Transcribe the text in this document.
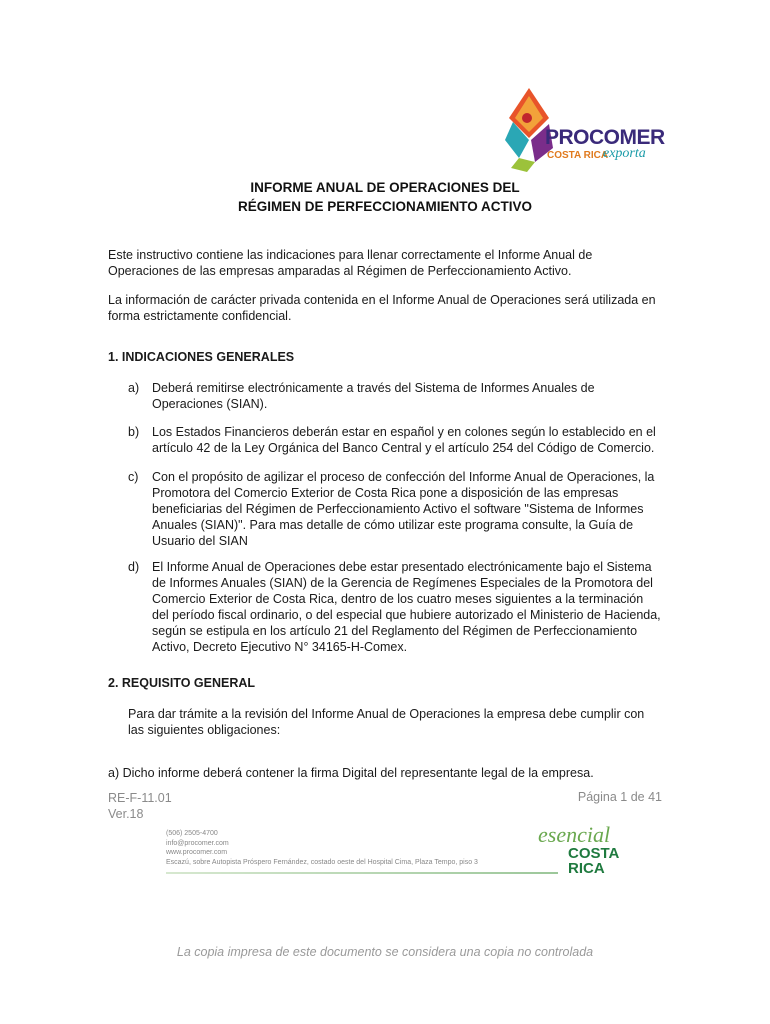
PROCOMER
COSTA RICA
exporta
INFORME ANUAL DE OPERACIONES DEL
RÉGIMEN DE PERFECCIONAMIENTO ACTIVO

Este instructivo contiene las indicaciones para llenar correctamente el Informe Anual de
Operaciones de las empresas amparadas al Régimen de Perfeccionamiento Activo.

La información de carácter privada contenida en el Informe Anual de Operaciones será utilizada en
forma estrictamente confidencial.

1. INDICACIONES GENERALES
a) Deberá remitirse electrónicamente a través del Sistema de Informes Anuales de
Operaciones (SIAN).
b) Los Estados Financieros deberán estar en español y en colones según lo establecido en el
artículo 42 de la Ley Orgánica del Banco Central y el artículo 254 del Código de Comercio.
c) Con el propósito de agilizar el proceso de confección del Informe Anual de Operaciones, la
Promotora del Comercio Exterior de Costa Rica pone a disposición de las empresas
beneficiarias del Régimen de Perfeccionamiento Activo el software "Sistema de Informes
Anuales (SIAN)". Para mas detalle de cómo utilizar este programa consulte, la Guía de
Usuario del SIAN
d) El Informe Anual de Operaciones debe estar presentado electrónicamente bajo el Sistema
de Informes Anuales (SIAN) de la Gerencia de Regímenes Especiales de la Promotora del
Comercio Exterior de Costa Rica, dentro de los cuatro meses siguientes a la terminación
del período fiscal ordinario, o del especial que hubiere autorizado el Ministerio de Hacienda,
según se estipula en los artículo 21 del Reglamento del Régimen de Perfeccionamiento
Activo, Decreto Ejecutivo N° 34165-H-Comex.
2. REQUISITO GENERAL

Para dar trámite a la revisión del Informe Anual de Operaciones la empresa debe cumplir con
las siguientes obligaciones:

a) Dicho informe deberá contener la firma Digital del representante legal de la empresa.

RE-F-11.01
Ver.18
Página 1 de 41
(506) 2505-4700
info@procomer.com
www.procomer.com
Escazú, sobre Autopista Próspero Fernández, costado oeste del Hospital Cima, Plaza Tempo, piso 3
esencial
COSTA
RICA
La copia impresa de este documento se considera una copia no controlada
